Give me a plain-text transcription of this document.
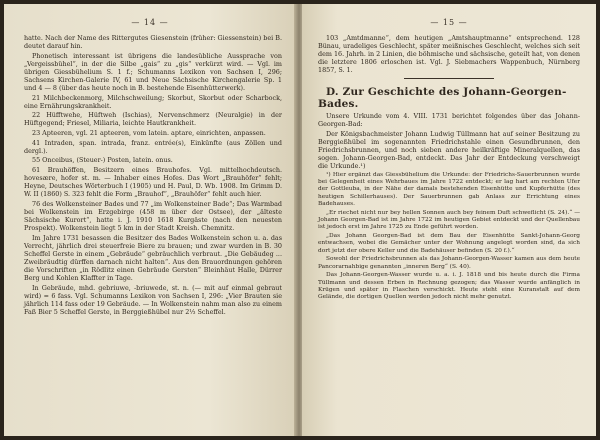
— 14 —

hatte. Nach der Name des Rittergutes Giesenstein (früher: Giessenstein) bei B. deutet darauf hin.

Phonetisch interessant ist übrigens die landesübliche Aussprache von „Vergeissbühel“, in der die Silbe „gais“ zu „gis“ verkürzt wird. — Vgl. im übrigen Giessbühelium S. 1 f.; Schumanns Lexikon von Sachsen I, 296; Sachsens Kirchen-Galerie IV, 61 und Neue Sächsische Kirchengalerie Sp. 1 und 4 — 8 (über das heute noch in B. bestehende Eisenhütterwerk).

21 Milchbeckenmorg, Milchschweilung; Skorbut, Skorbut oder Scharbock, eine Ernährungskrankheit.

22 Hüfftwehe, Hüftweh (Ischias), Nervenschmerz (Neuralgie) in der Hüftgegend; Friesel, Miliaria, leichte Hautkrankheit.

23 Apteeren, vgl. 21 apteeren, vom latein. aptare, einrichten, anpassen.

41 Intraden, span. intrada, franz. entrée(s), Einkünfte (aus Zöllen und dergl.).

55 Onceibus, (Steuer-) Posten, latein. onus.

61 Brauhöffen, Besitzern eines Brauhofes. Vgl. mittelhochdeutsch. hovesære, hofer st. m. — Inhaber eines Hofes. Das Wort „Brauhöfer“ fehlt; Heyne, Deutsches Wörterbuch I (1905) und H. Paul, D. Wb. 1908. Im Grimm D. W. II (1860) S. 323 fehlt die Form „Brauhof“, „Brauhöfer“ fehlt auch hier.

76 des Wolkensteiner Bades und 77 „im Wolkensteiner Bade“; Das Warmbad bei Wolkenstein im Erzgebirge (458 m über der Ostsee), der „älteste Sächsische Kurort“, hatte i. J. 1910 1618 Kurgäste (nach den neuesten Prospekt). Wolkenstein liegt 5 km in der Stadt Kreish. Chemnitz.

Im Jahre 1731 besassen die Besitzer des Bades Wolkenstein schon u. a. das Verrecht, jährlich drei steuerfreie Biere zu brauen; und zwar wurden in B. 30 Scheffel Gerste in einem „Gebräude“ gebräuchlich verbraut. „Die Gebäudeg ... Zweibräudtig dürffen darnach nicht halten“. Aus den Brauordnungen gehören die Vorschriften „in Rödlitz einen Gebräude Gersten“ Bleinhäut Halle, Dürrer Berg und Kohlen Klaffter in Tage.

In Gebräude, mhd. gebriuwe, -briuwede, st. n. (— mit auf einmal gebraut wird) = 6 fass. Vgl. Schumanns Lexikon von Sachsen I, 296: „Vier Brauten sie jährlich 114 fass oder 19 Gebräude. — In Wolkenstein nahm man also zu einem Faß Bier 5 Scheffel Gerste, in Berggießhübel nur 2⅓ Scheffel.

— 15 —

103 „Amtdmanne“, dem heutigen „Amtshauptmanne“ entsprechend. 128 Bünau, uradeliges Geschlecht, später meißnisches Geschlecht, welches sich seit dem 16. Jahrh. in 2 Linien, die böhmische und sächsische, geteilt hat, von denen die letztere 1806 erloschen ist. Vgl. J. Siebmachers Wappenbuch, Nürnberg 1857, S. 1.

D. Zur Geschichte des Johann-Georgen-Bades.

Unsere Urkunde vom 4. VIII. 1731 berichtet folgendes über das Johann-Georgen-Bad:

Der Königsbachmeister Johann Ludwig Tüllmann hat auf seiner Besitzung zu Berggießhübel im sogenannten Friedrichstahle einen Gesundbrunnen, den Friedrichsbrunnen, und noch sieben andere heilkräftige Mineralquellen, das sogen. Johann-Georgen-Bad, entdeckt. Das Jahr der Entdeckung verschweigt die Urkunde.¹)

¹) Hier ergänzt das Giessbühelium die Urkunde: der Friedrichs-Sauerbrunnen wurde bei Gelegenheit eines Wehrbaues im Jahre 1722 entdeckt; er lag hart am rechten Ufer der Gottleuba, in der Nähe der damals bestehenden Eisenhütte und Kupferhütte (des heutigen Schillerhauses). Der Sauerbrunnen gab Anlass zur Errichtung eines Badehauses.

„Er riechet nicht nur bey hellen Sonnen auch bey feinem Duft schweflicht (S. 24).“ — Johann Georgen-Bad ist im Jahre 1722 im heutigen Gebiet entdeckt und der Quellenbau ist jedoch erst im Jahre 1725 zu Ende geführt worden.

„Das Johann Georgen-Bad ist dem Bau der Eisenhütte Sankt-Johann-Georg entwachsen, wobei die Gemächer unter der Wohnung angelegt worden sind, da sich dort jetzt der obere Keller und die Badehäuser befinden (S. 20 f.).“

Sowohl der Friedrichsbrunnen als das Johann-Georgen-Wasser kamen aus dem heute Pancorarnahbige genannten „inneren Berg“ (S. 40).

Das Johann-Georgen-Wasser wurde u. a. i. J. 1818 und bis heute durch die Firma Tüllmann und dessen Erben in Rechnung gezogen; das Wasser wurde anfänglich in Krügen und später in Flaschen verschickt. Heute steht eine Kuranstalt auf dem Gelände, die dortigen Quellen werden jedoch nicht mehr genutzt.
